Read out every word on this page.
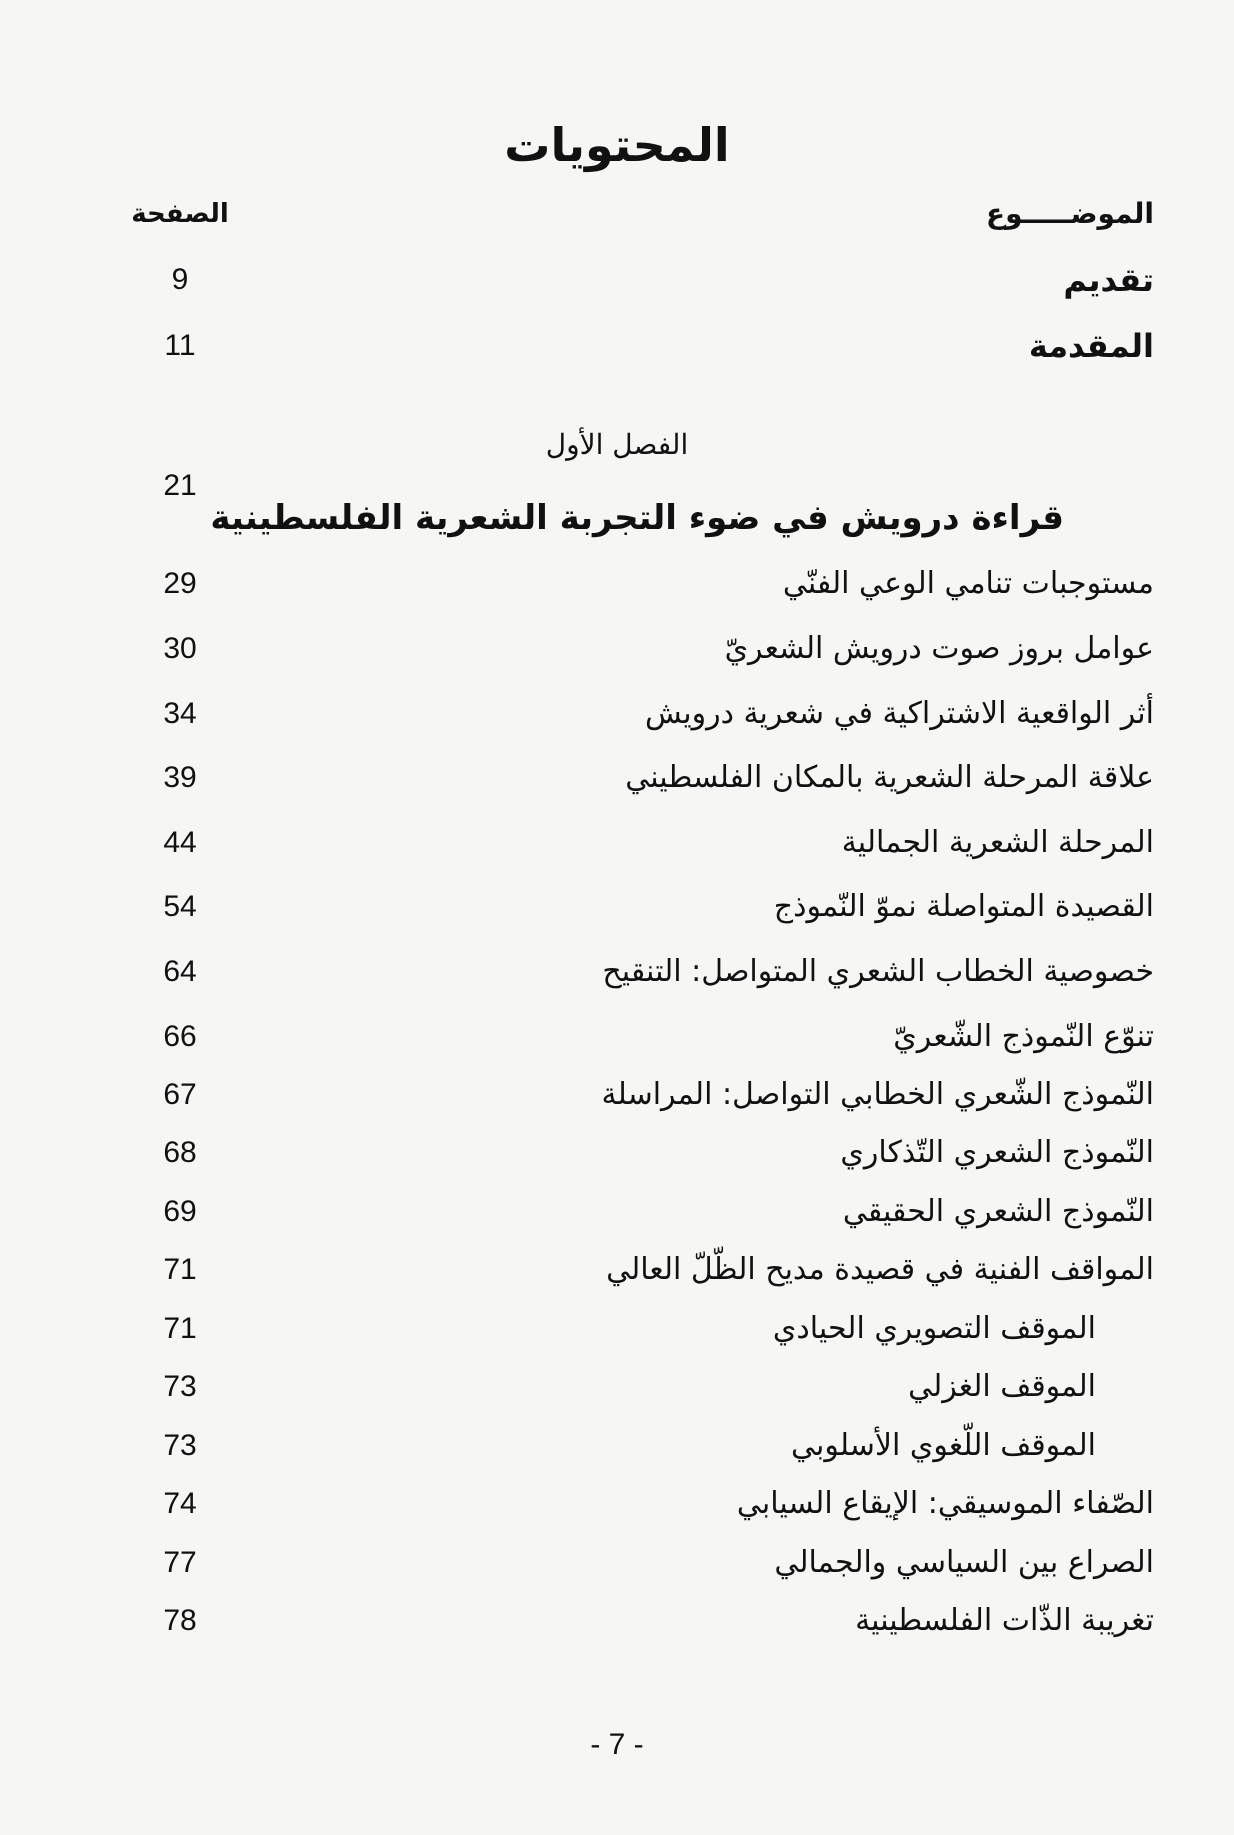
المحتويات
الموضـــــوع
الصفحة
تقديم
9
المقدمة
11
الفصل الأول
21
قراءة درويش في ضوء التجربة الشعرية الفلسطينية
مستوجبات تنامي الوعي الفنّي
29
عوامل بروز صوت درويش الشعريّ
30
أثر الواقعية الاشتراكية في شعرية درويش
34
علاقة المرحلة الشعرية بالمكان الفلسطيني
39
المرحلة الشعرية الجمالية
44
القصيدة المتواصلة نموّ النّموذج
54
خصوصية الخطاب الشعري المتواصل: التنقيح
64
تنوّع النّموذج الشّعريّ
66
النّموذج الشّعري الخطابي التواصل: المراسلة
67
النّموذج الشعري التّذكاري
68
النّموذج الشعري الحقيقي
69
المواقف الفنية في قصيدة مديح الظّلّ العالي
71
الموقف التصويري الحيادي
71
الموقف الغزلي
73
الموقف اللّغوي الأسلوبي
73
الصّفاء الموسيقي: الإيقاع السيابي
74
الصراع بين السياسي والجمالي
77
تغريبة الذّات الفلسطينية
78
- 7 -
